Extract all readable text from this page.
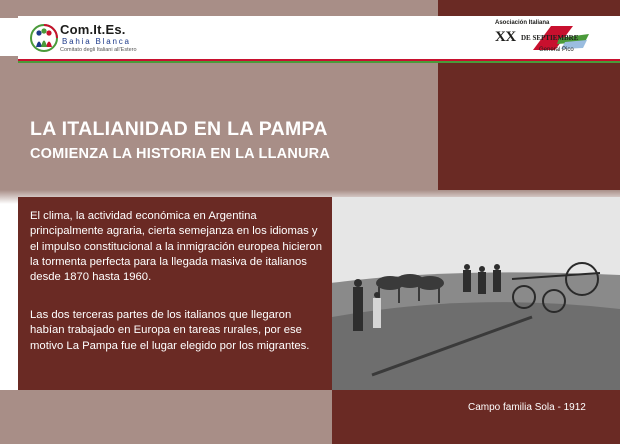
Com.It.Es.
Bahia Blanca
Comitato degli Italiani all'Estero
Asociación Italiana
XX DE SEPTIEMBRE
General Pico
LA ITALIANIDAD EN LA PAMPA
COMIENZA LA HISTORIA EN LA LLANURA

El clima, la actividad económica en Argentina principalmente agraria, cierta semejanza en los idiomas y el impulso constitucional a la inmigración europea hicieron la tormenta perfecta para la llegada masiva de italianos desde 1870 hasta 1960.

Las dos terceras partes de los italianos que llegaron habían trabajado en Europa en tareas rurales, por ese motivo La Pampa fue el lugar elegido por los migrantes.

Campo familia Sola - 1912
